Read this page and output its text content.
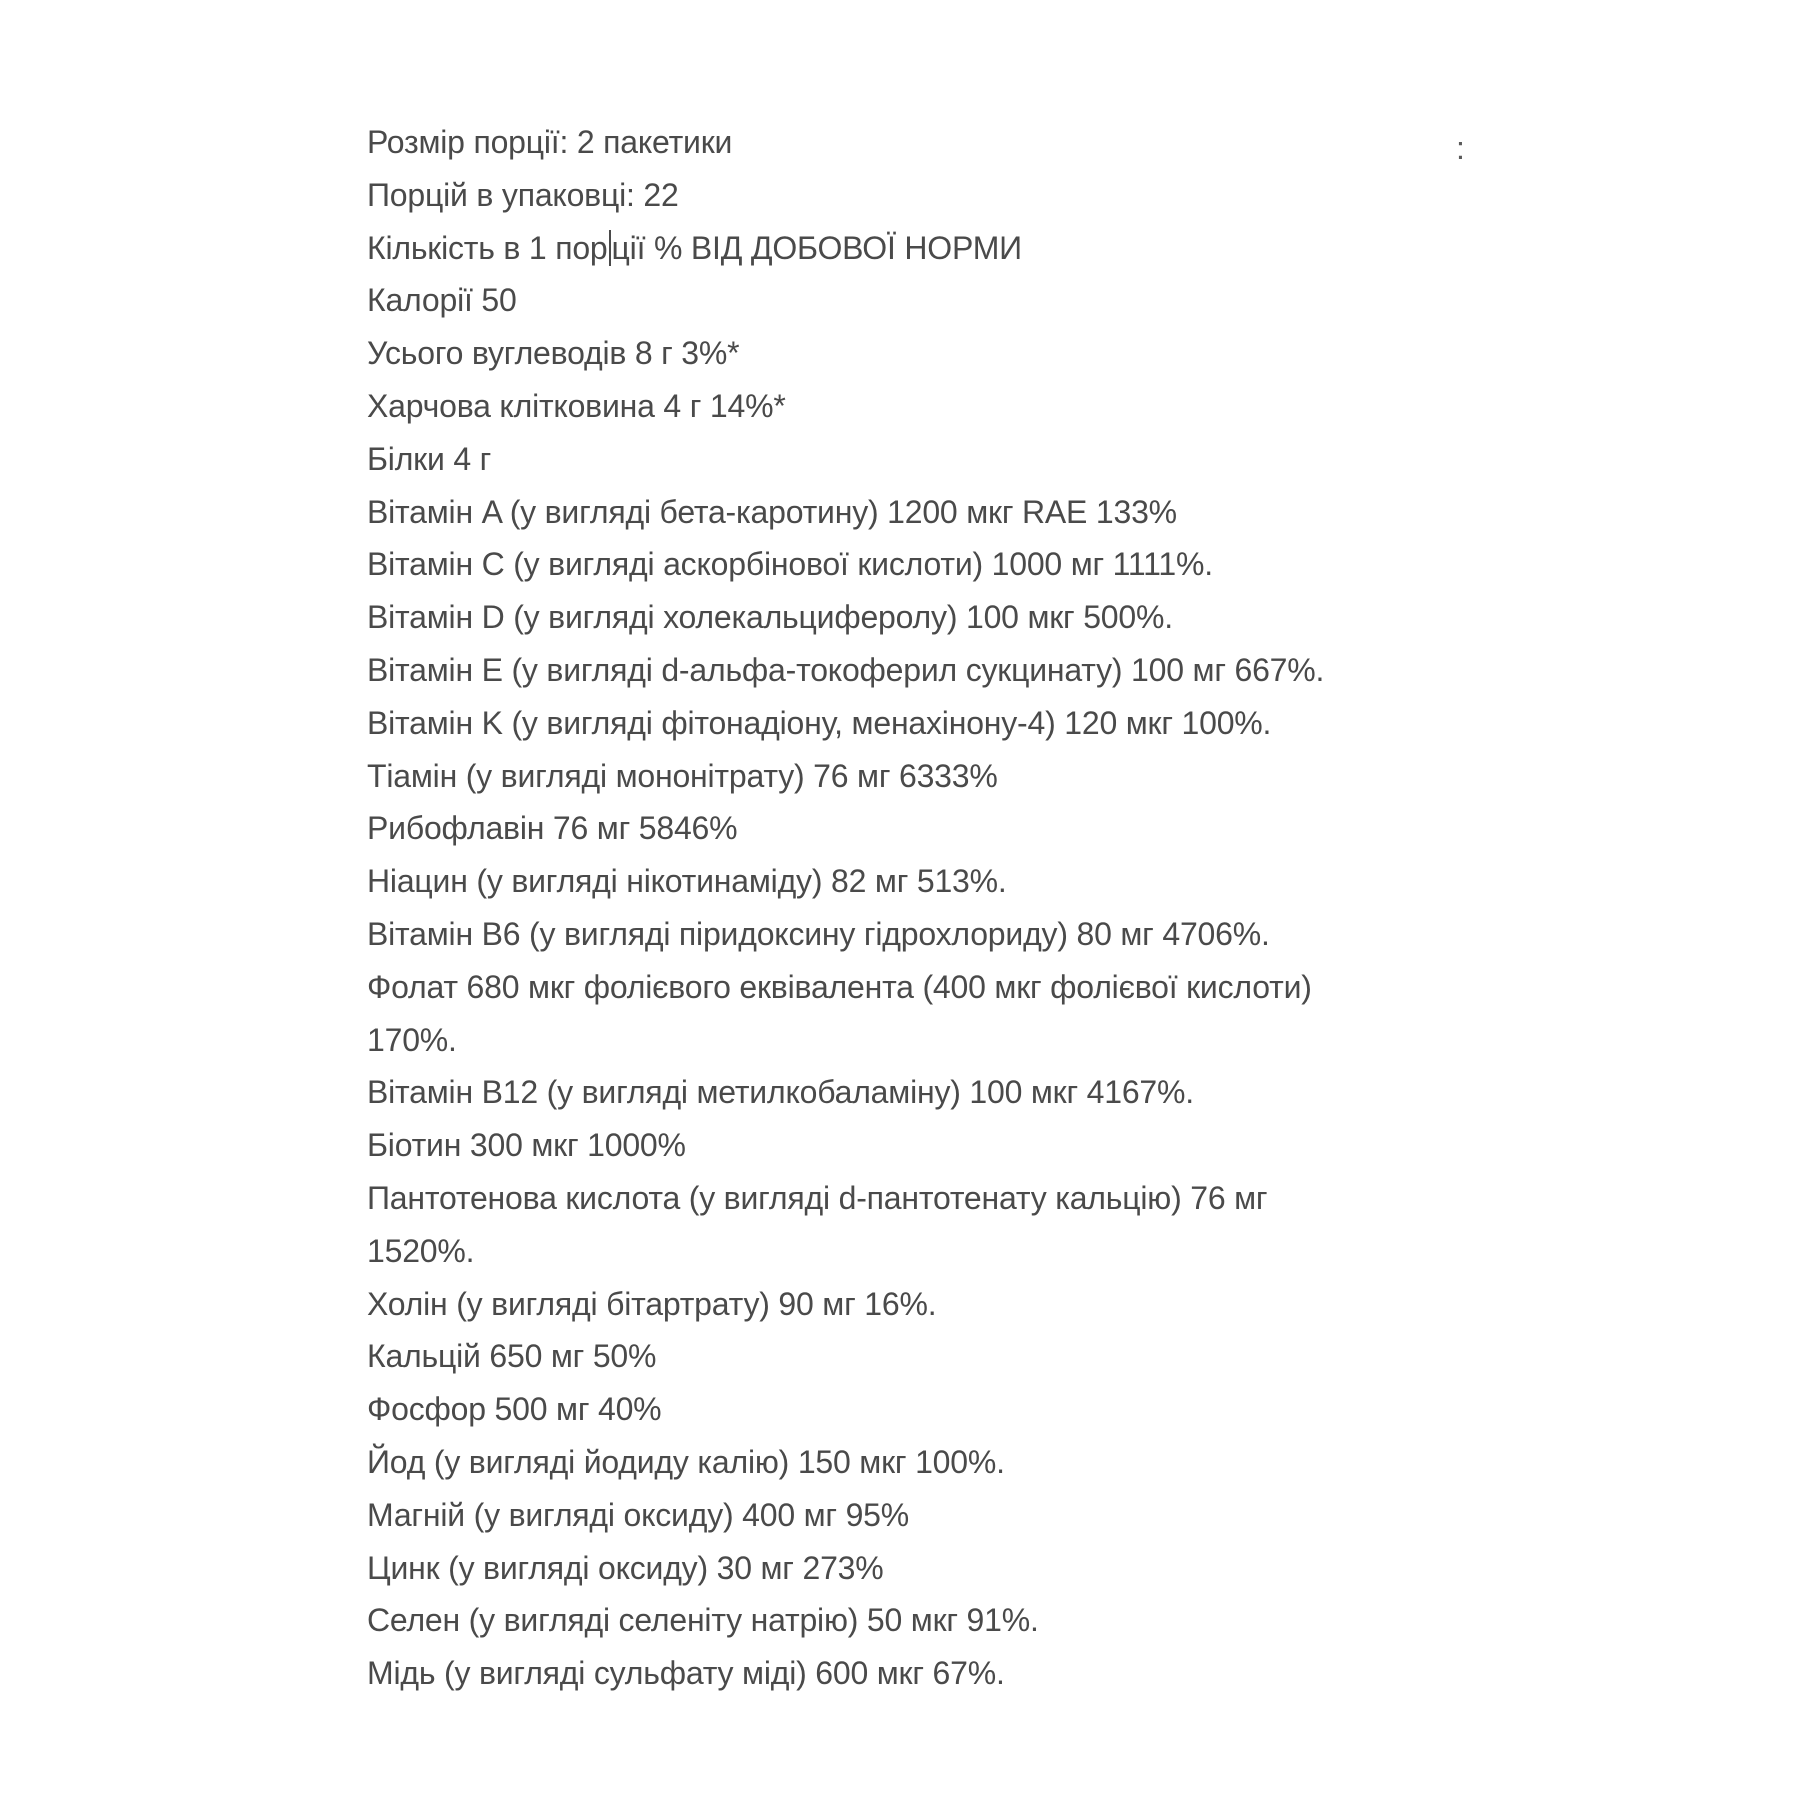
Розмір порції: 2 пакетики
Порцій в упаковці: 22
Кількість в 1 пор ції % ВІД ДОБОВОЇ НОРМИ
Калорії 50
Усього вуглеводів 8 г 3%*
Харчова клітковина 4 г 14%*
Білки 4 г
Вітамін A (у вигляді бета-каротину) 1200 мкг RAE 133%
Вітамін C (у вигляді аскорбінової кислоти) 1000 мг 1111%.
Вітамін D (у вигляді холекальциферолу) 100 мкг 500%.
Вітамін E (у вигляді d-альфа-токоферил сукцинату) 100 мг 667%.
Вітамін K (у вигляді фітонадіону, менахінону-4) 120 мкг 100%.
Тіамін (у вигляді мононітрату) 76 мг 6333%
Рибофлавін 76 мг 5846%
Ніацин (у вигляді нікотинаміду) 82 мг 513%.
Вітамін B6 (у вигляді піридоксину гідрохлориду) 80 мг 4706%.
Фолат 680 мкг фолієвого еквівалента (400 мкг фолієвої кислоти)
170%.
Вітамін B12 (у вигляді метилкобаламіну) 100 мкг 4167%.
Біотин 300 мкг 1000%
Пантотенова кислота (у вигляді d-пантотенату кальцію) 76 мг
1520%.
Холін (у вигляді бітартрату) 90 мг 16%.
Кальцій 650 мг 50%
Фосфор 500 мг 40%
Йод (у вигляді йодиду калію) 150 мкг 100%.
Магній (у вигляді оксиду) 400 мг 95%
Цинк (у вигляді оксиду) 30 мг 273%
Селен (у вигляді селеніту натрію) 50 мкг 91%.
Мідь (у вигляді сульфату міді) 600 мкг 67%.
:
